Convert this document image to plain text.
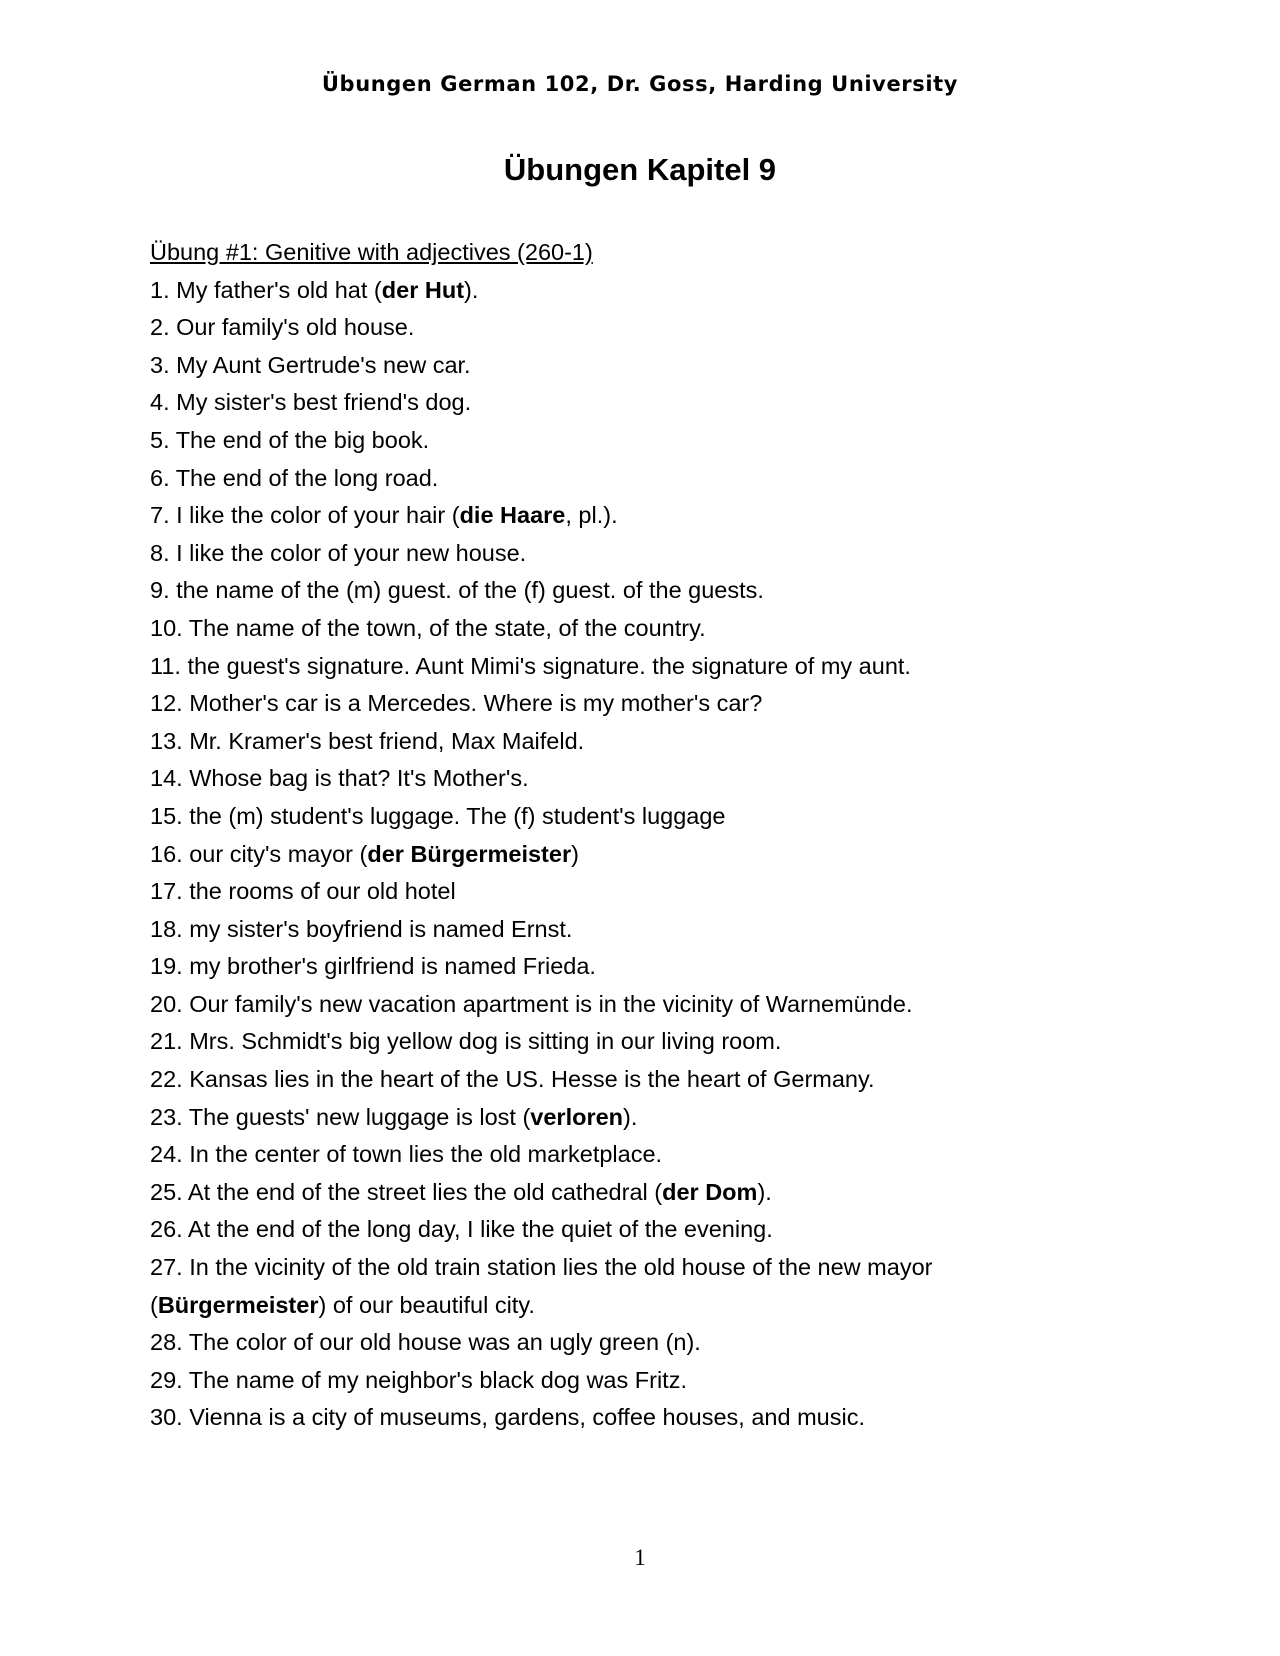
Übungen German 102, Dr. Goss, Harding University
Übungen Kapitel 9
Übung #1: Genitive with adjectives (260-1)
1. My father's old hat (der Hut).
2. Our family's old house.
3. My Aunt Gertrude's new car.
4. My sister's best friend's dog.
5. The end of the big book.
6. The end of the long road.
7. I like the color of your hair (die Haare, pl.).
8. I like the color of your new house.
9. the name of the (m) guest. of the (f) guest. of the guests.
10. The name of the town, of the state, of the country.
11. the guest's signature. Aunt Mimi's signature. the signature of my aunt.
12. Mother's car is a Mercedes. Where is my mother's car?
13. Mr. Kramer's best friend, Max Maifeld.
14. Whose bag is that? It's Mother's.
15. the (m) student's luggage. The (f) student's luggage
16. our city's mayor (der Bürgermeister)
17. the rooms of our old hotel
18. my sister's boyfriend is named Ernst.
19. my brother's girlfriend is named Frieda.
20. Our family's new vacation apartment is in the vicinity of Warnemünde.
21. Mrs. Schmidt's big yellow dog is sitting in our living room.
22. Kansas lies in the heart of the US. Hesse is the heart of Germany.
23. The guests' new luggage is lost (verloren).
24. In the center of town lies the old marketplace.
25. At the end of the street lies the old cathedral (der Dom).
26. At the end of the long day, I like the quiet of the evening.
27. In the vicinity of the old train station lies the old house of the new mayor (Bürgermeister) of our beautiful city.
28. The color of our old house was an ugly green (n).
29. The name of my neighbor's black dog was Fritz.
30. Vienna is a city of museums, gardens, coffee houses, and music.
1
